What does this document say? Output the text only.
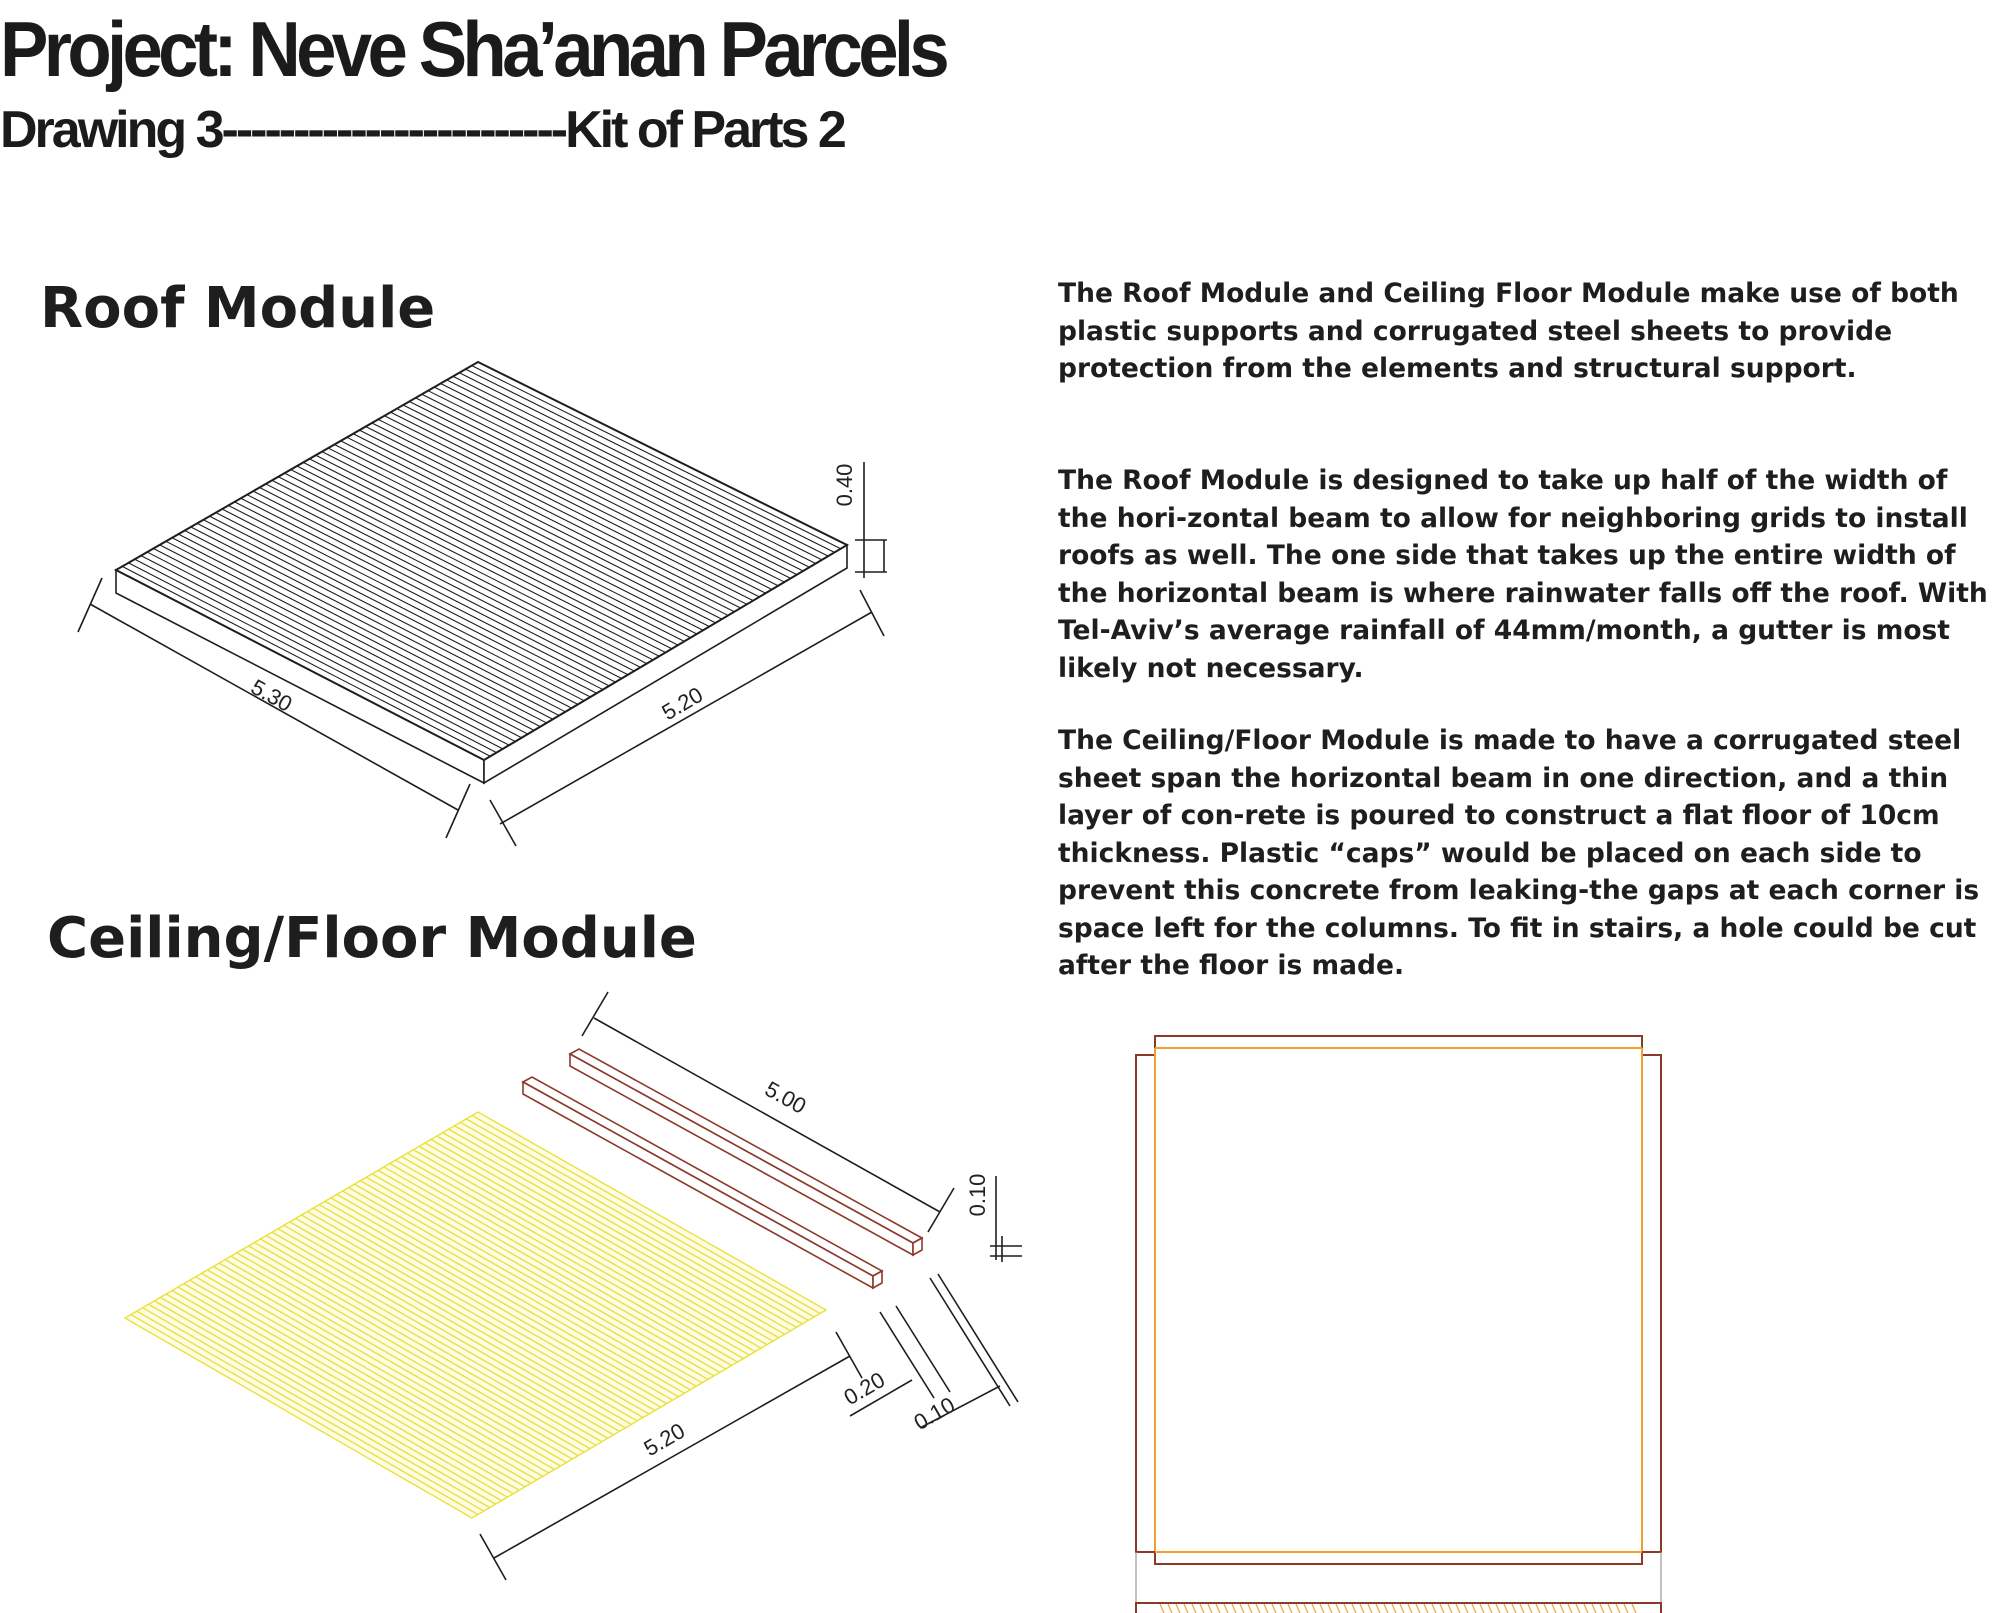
Project: Neve Sha’anan Parcels
Drawing 3------------------------Kit of Parts 2
Roof Module
Ceiling/Floor Module

The Roof Module and Ceiling Floor Module make use of both plastic supports and corrugated steel sheets to provide protection from the elements and structural support.

The Roof Module is designed to take up half of the width of the hori-zontal beam to allow for neighboring grids to install roofs as well. The one side that takes up the entire width of the horizontal beam is where rainwater falls off the roof. With Tel-Aviv’s average rainfall of 44mm/month, a gutter is most likely not necessary.

The Ceiling/Floor Module is made to have a corrugated steel sheet span the horizontal beam in one direction, and a thin layer of con-rete is poured to construct a flat floor of 10cm thickness. Plastic “caps” would be placed on each side to prevent this concrete from leaking-the gaps at each corner is space left for the columns. To fit in stairs, a hole could be cut after the floor is made.

5.30	5.20
0.40
5.00
0.10
5.20
0.20
0.10
